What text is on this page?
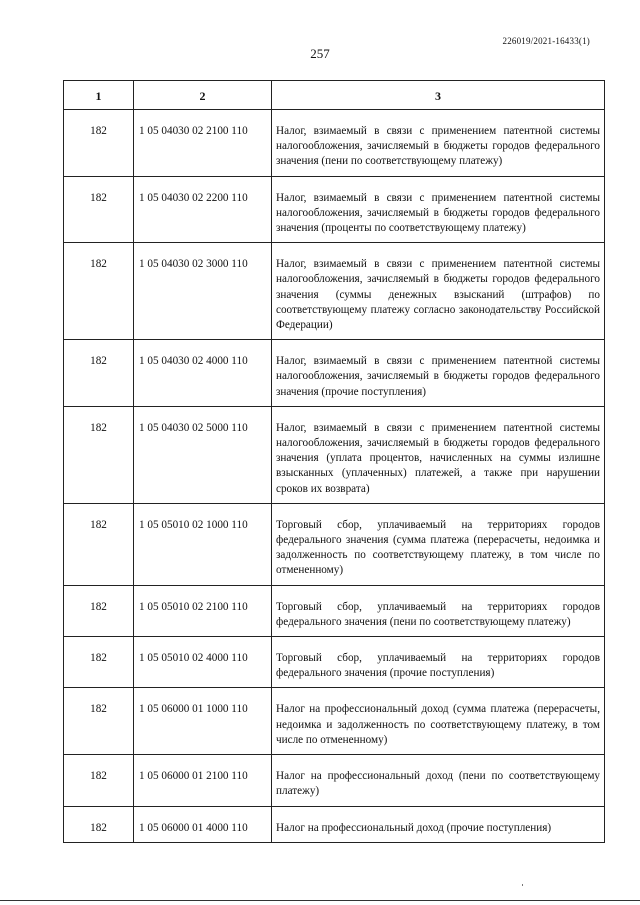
226019/2021-16433(1)
257
1	2	3
182	1 05 04030 02 2100 110	Налог, взимаемый в связи с применением патентной системы налогообложения, зачисляемый в бюджеты городов федерального значения (пени по соответствующему платежу)
182	1 05 04030 02 2200 110	Налог, взимаемый в связи с применением патентной системы налогообложения, зачисляемый в бюджеты городов федерального значения (проценты по соответствующему платежу)
182	1 05 04030 02 3000 110	Налог, взимаемый в связи с применением патентной системы налогообложения, зачисляемый в бюджеты городов федерального значения (суммы денежных взысканий (штрафов) по соответствующему платежу согласно законодательству Российской Федерации)
182	1 05 04030 02 4000 110	Налог, взимаемый в связи с применением патентной системы налогообложения, зачисляемый в бюджеты городов федерального значения (прочие поступления)
182	1 05 04030 02 5000 110	Налог, взимаемый в связи с применением патентной системы налогообложения, зачисляемый в бюджеты городов федерального значения (уплата процентов, начисленных на суммы излишне взысканных (уплаченных) платежей, а также при нарушении сроков их возврата)
182	1 05 05010 02 1000 110	Торговый сбор, уплачиваемый на территориях городов федерального значения (сумма платежа (перерасчеты, недоимка и задолженность по соответствующему платежу, в том числе по отмененному)
182	1 05 05010 02 2100 110	Торговый сбор, уплачиваемый на территориях городов федерального значения (пени по соответствующему платежу)
182	1 05 05010 02 4000 110	Торговый сбор, уплачиваемый на территориях городов федерального значения (прочие поступления)
182	1 05 06000 01 1000 110	Налог на профессиональный доход (сумма платежа (перерасчеты, недоимка и задолженность по соответствующему платежу, в том числе по отмененному)
182	1 05 06000 01 2100 110	Налог на профессиональный доход (пени по соответствующему платежу)
182	1 05 06000 01 4000 110	Налог на профессиональный доход (прочие поступления)
